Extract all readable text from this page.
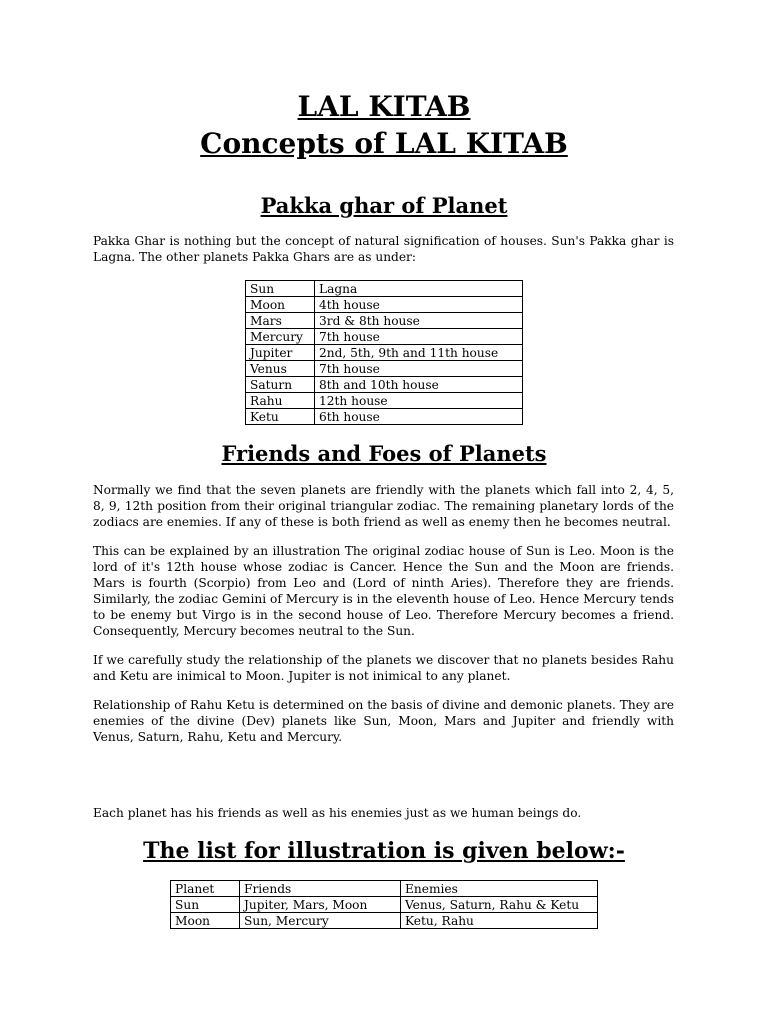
LAL KITAB
Concepts of LAL KITAB
Pakka ghar of Planet

Pakka Ghar is nothing but the concept of natural signification of houses. Sun's Pakka ghar is Lagna. The other planets Pakka Ghars are as under:

Sun	Lagna
Moon	4th house
Mars	3rd & 8th house
Mercury	7th house
Jupiter	2nd, 5th, 9th and 11th house
Venus	7th house
Saturn	8th and 10th house
Rahu	12th house
Ketu	6th house
Friends and Foes of Planets

Normally we find that the seven planets are friendly with the planets which fall into 2, 4, 5, 8, 9, 12th position from their original triangular zodiac. The remaining planetary lords of the zodiacs are enemies. If any of these is both friend as well as enemy then he becomes neutral.

This can be explained by an illustration The original zodiac house of Sun is Leo. Moon is the lord of it's 12th house whose zodiac is Cancer. Hence the Sun and the Moon are friends. Mars is fourth (Scorpio) from Leo and (Lord of ninth Aries). Therefore they are friends. Similarly, the zodiac Gemini of Mercury is in the eleventh house of Leo. Hence Mercury tends to be enemy but Virgo is in the second house of Leo. Therefore Mercury becomes a friend. Consequently, Mercury becomes neutral to the Sun.

If we carefully study the relationship of the planets we discover that no planets besides Rahu and Ketu are inimical to Moon. Jupiter is not inimical to any planet.

Relationship of Rahu Ketu is determined on the basis of divine and demonic planets. They are enemies of the divine (Dev) planets like Sun, Moon, Mars and Jupiter and friendly with Venus, Saturn, Rahu, Ketu and Mercury.

Each planet has his friends as well as his enemies just as we human beings do.

The list for illustration is given below:-
Planet	Friends	Enemies
Sun	Jupiter, Mars, Moon	Venus, Saturn, Rahu & Ketu
Moon	Sun, Mercury	Ketu, Rahu
